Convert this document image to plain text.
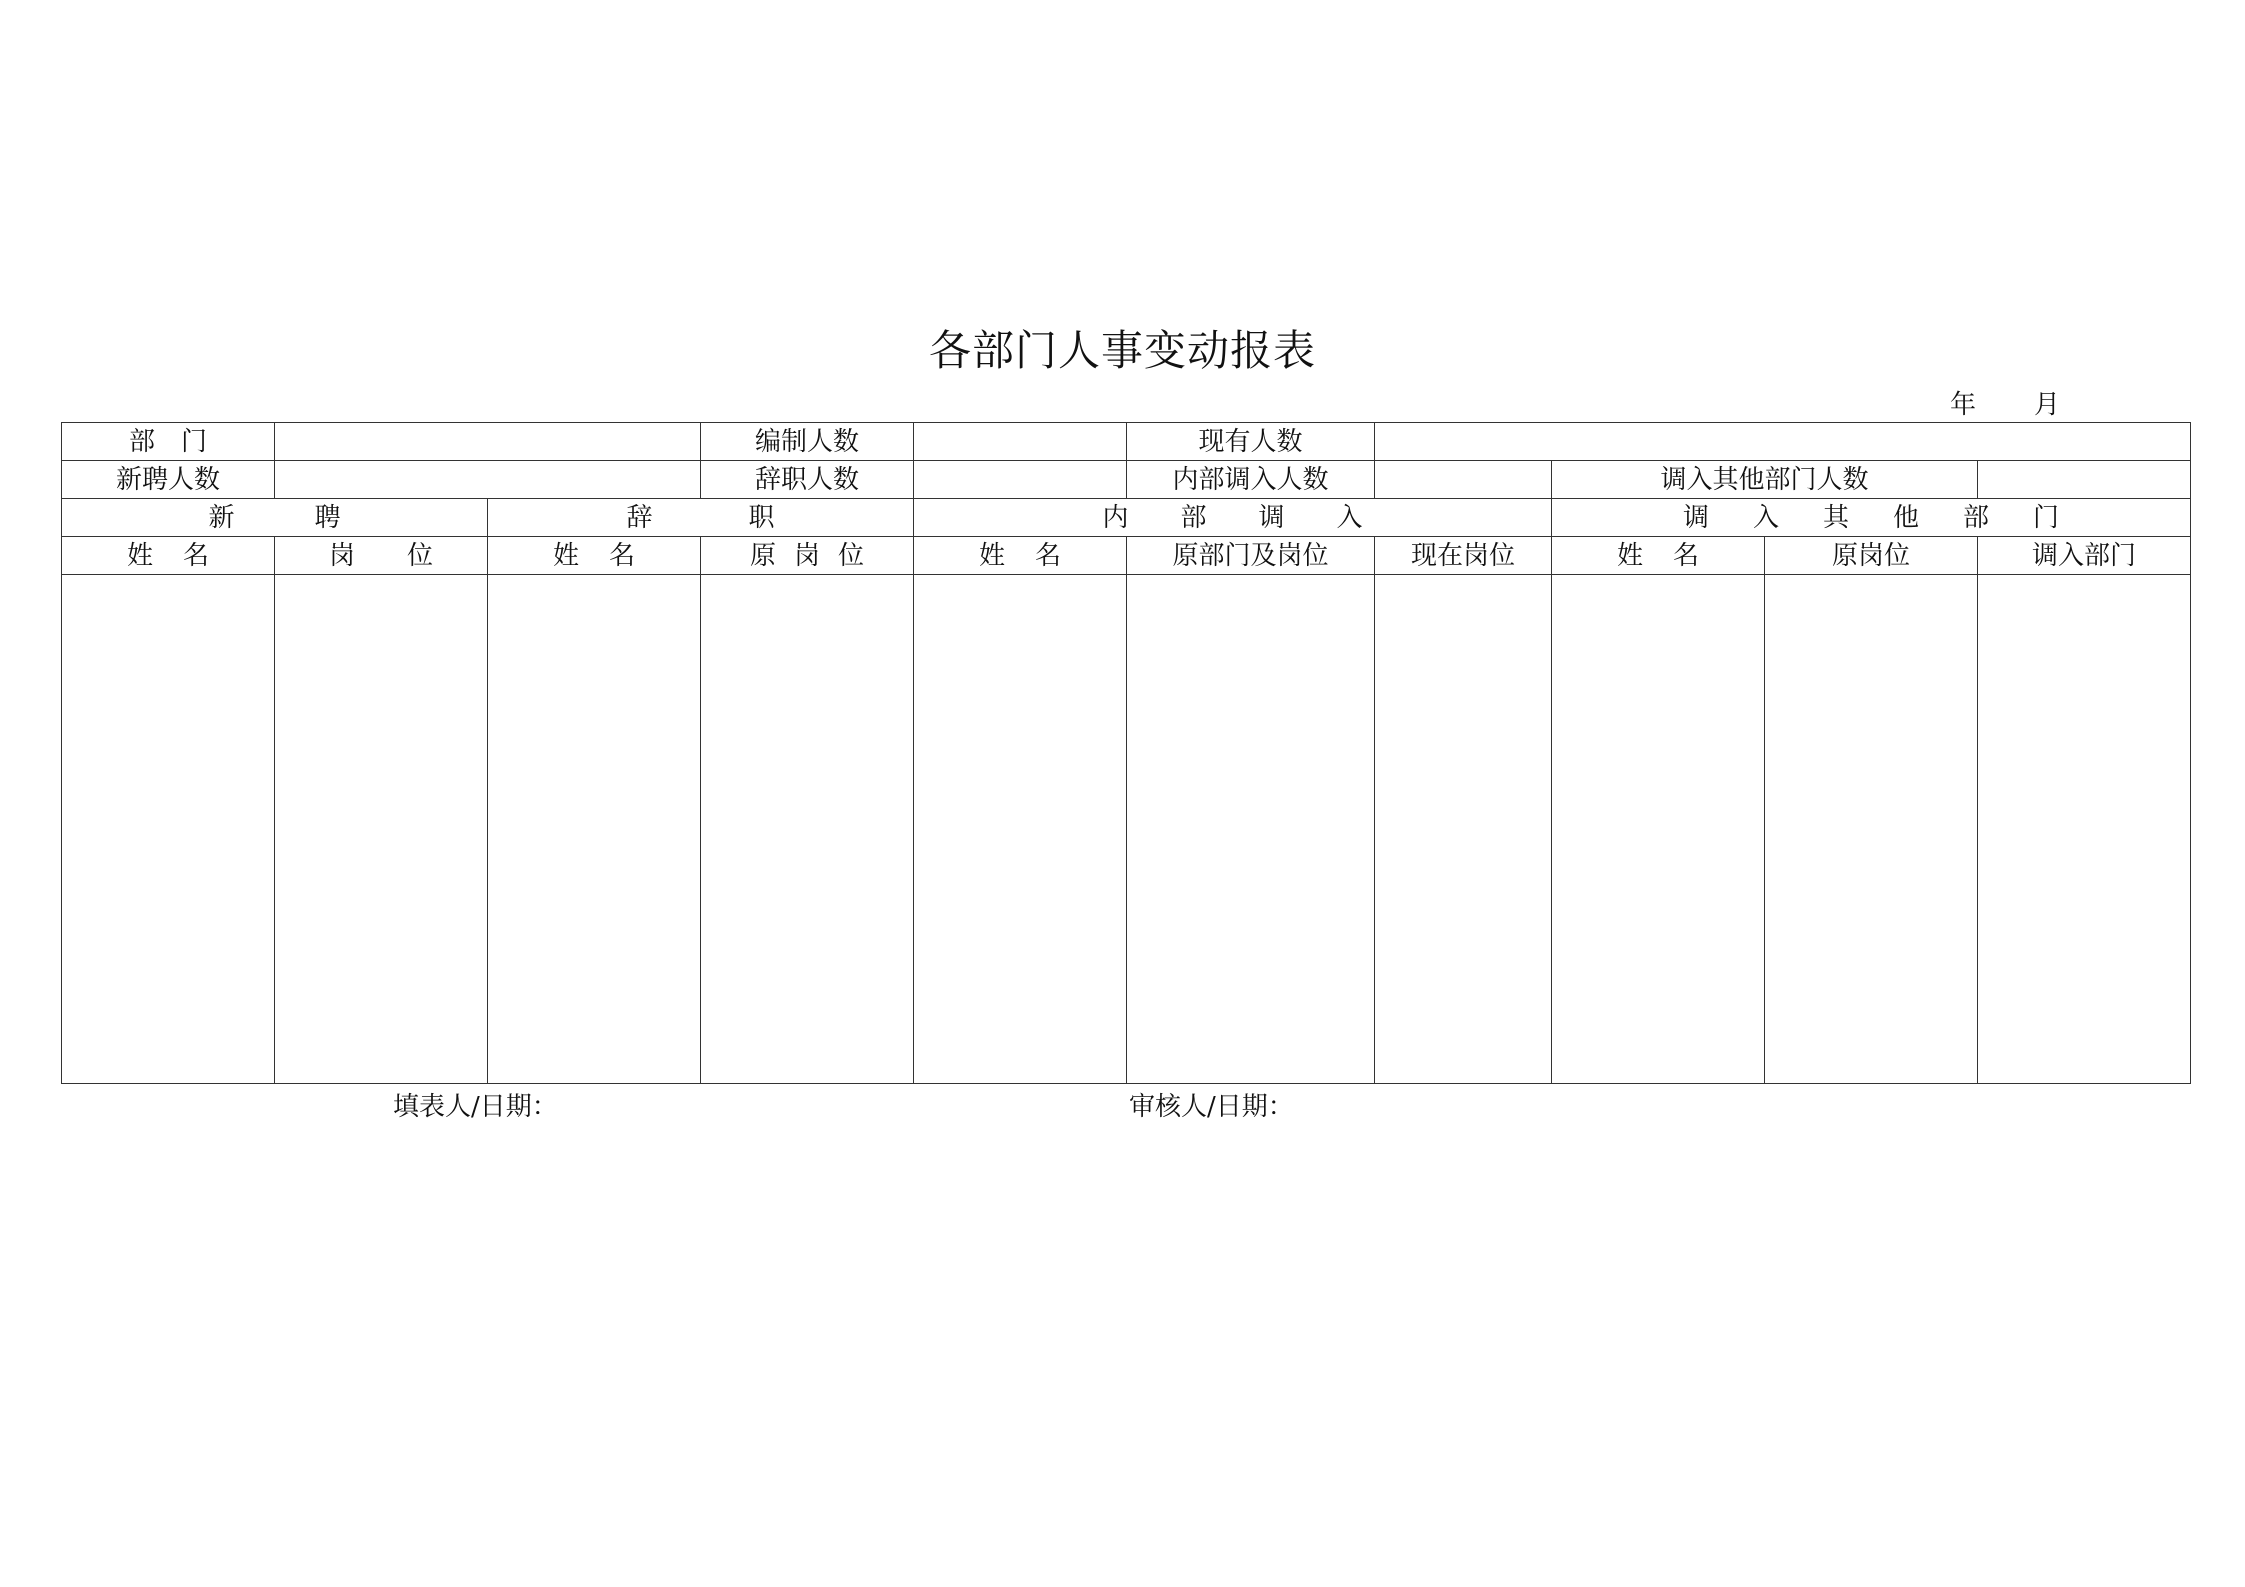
各部门人事变动报表
年 月
部　门			编制人数		现有人数				
新聘人数			辞职人数		内部调入人数		调入其他部门人数		
新聘		辞职		内部调入			调入其他部门		
姓名	岗位	姓名	原岗位	姓名	原部门及岗位	现在岗位	姓名	原岗位	调入部门

填表人/日期：	审核人/日期：
